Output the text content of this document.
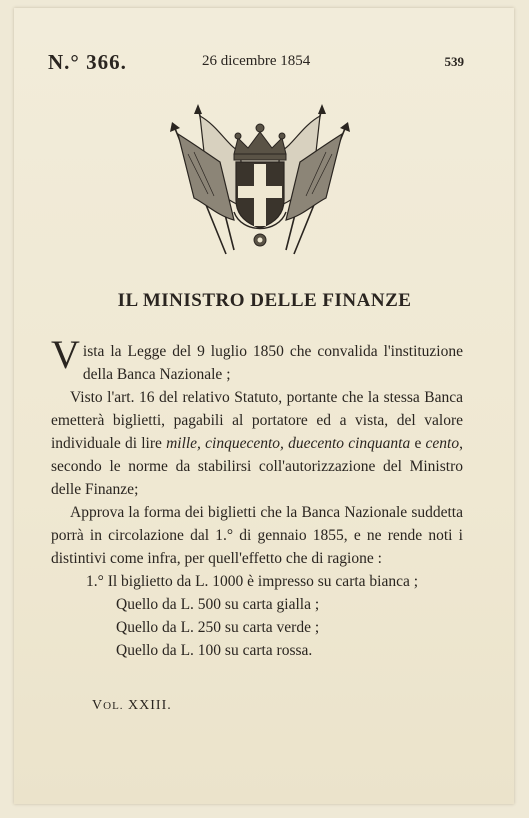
N.° 366.	26 dicembre 1854	539
IL MINISTRO DELLE FINANZE

Vista la Legge del 9 luglio 1850 che convalida l'instituzione della Banca Nazionale ;

Visto l'art. 16 del relativo Statuto, portante che la stessa Banca emetterà biglietti, pagabili al portatore ed a vista, del valore individuale di lire mille, cinquecento, duecento cinquanta e cento, secondo le norme da stabilirsi coll'autorizzazione del Ministro delle Finanze;

Approva la forma dei biglietti che la Banca Nazionale suddetta porrà in circolazione dal 1.° di gennaio 1855, e ne rende noti i distintivi come infra, per quell'effetto che di ragione :

1.° Il biglietto da L. 1000 è impresso su carta bianca ;

Quello da L. 500 su carta gialla ;

Quello da L. 250 su carta verde ;

Quello da L. 100 su carta rossa.

VOL. XXIII.
